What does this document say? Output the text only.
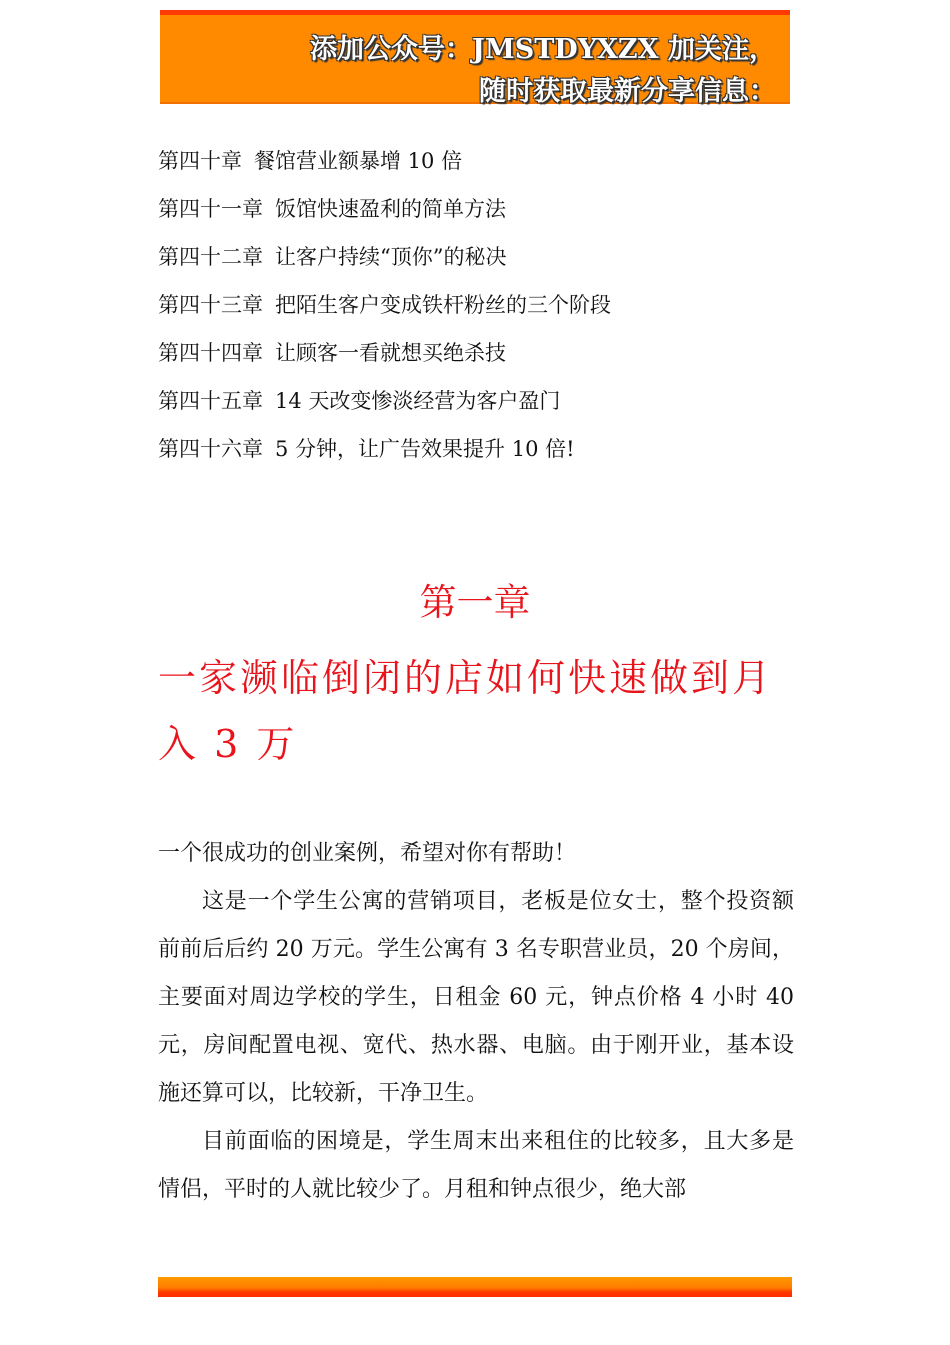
添加公众号：JMSTDYXZX 加关注，
随时获取最新分享信息：
第四十章 餐馆营业额暴增 10 倍
第四十一章 饭馆快速盈利的简单方法
第四十二章 让客户持续“顶你”的秘决
第四十三章 把陌生客户变成铁杆粉丝的三个阶段
第四十四章 让顾客一看就想买绝杀技
第四十五章 14 天改变惨淡经营为客户盈门
第四十六章 5 分钟，让广告效果提升 10 倍!
第一章
一家濒临倒闭的店如何快速做到月入 3 万

一个很成功的创业案例，希望对你有帮助！

这是一个学生公寓的营销项目，老板是位女士，整个投资额前前后后约 20 万元。学生公寓有 3 名专职营业员，20 个房间，主要面对周边学校的学生，日租金 60 元，钟点价格 4 小时 40 元，房间配置电视、宽代、热水器、电脑。由于刚开业，基本设施还算可以，比较新，干净卫生。

目前面临的困境是，学生周末出来租住的比较多，且大多是情侣，平时的人就比较少了。月租和钟点很少，绝大部
